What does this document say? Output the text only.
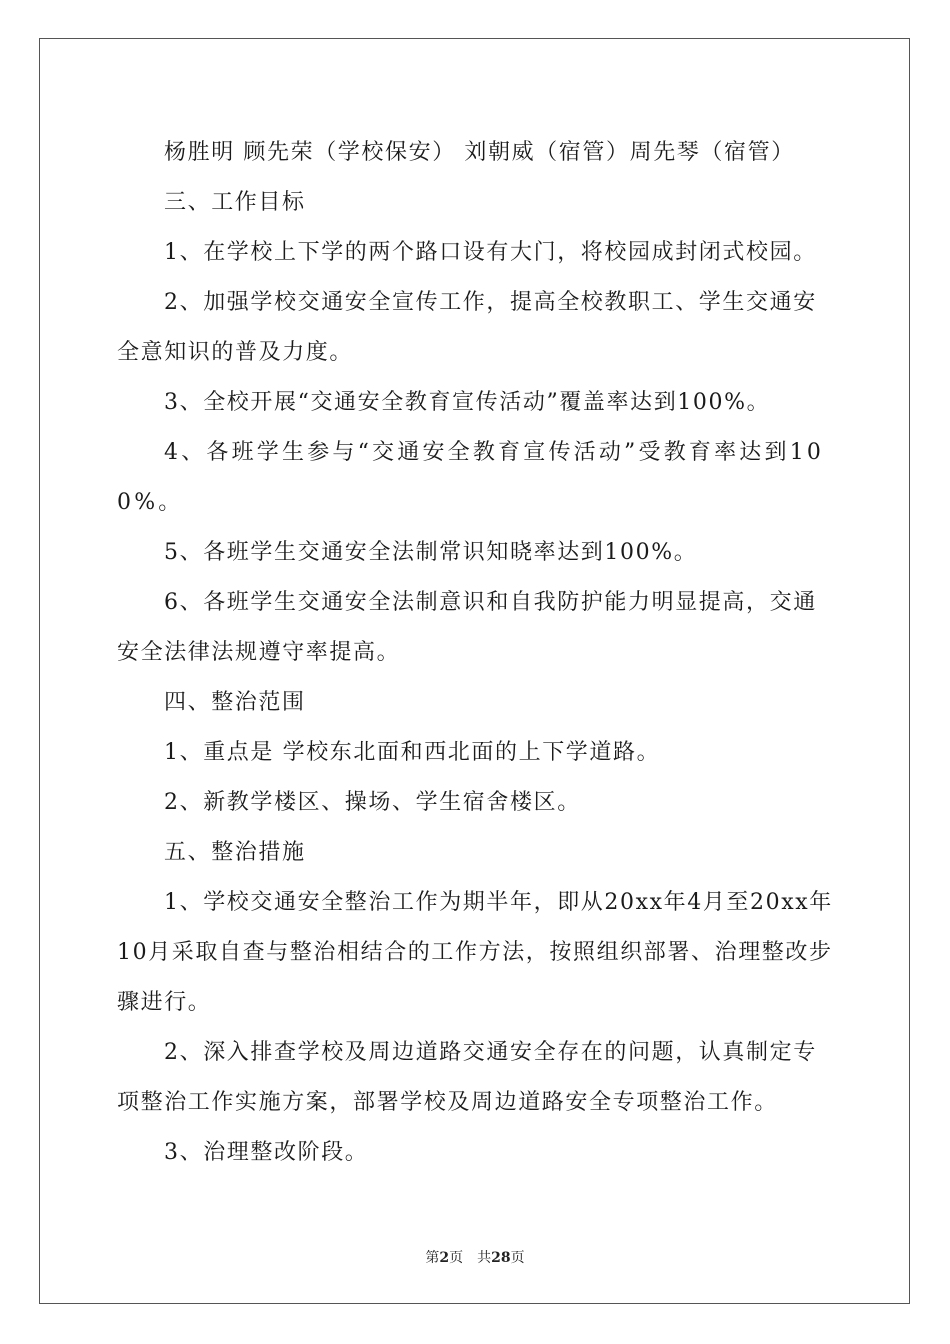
杨胜明 顾先荣（学校保安） 刘朝威（宿管）周先琴（宿管）

三、工作目标

1、在学校上下学的两个路口设有大门，将校园成封闭式校园。

2、加强学校交通安全宣传工作，提高全校教职工、学生交通安全意知识的普及力度。

3、全校开展“交通安全教育宣传活动”覆盖率达到100%。

4、各班学生参与“交通安全教育宣传活动”受教育率达到100%。

5、各班学生交通安全法制常识知晓率达到100%。

6、各班学生交通安全法制意识和自我防护能力明显提高，交通安全法律法规遵守率提高。

四、整治范围

1、重点是 学校东北面和西北面的上下学道路。

2、新教学楼区、操场、学生宿舍楼区。

五、整治措施

1、学校交通安全整治工作为期半年，即从20xx年4月至20xx年10月采取自查与整治相结合的工作方法，按照组织部署、治理整改步骤进行。

2、深入排查学校及周边道路交通安全存在的问题，认真制定专项整治工作实施方案，部署学校及周边道路安全专项整治工作。

3、治理整改阶段。

第2页 共28页
